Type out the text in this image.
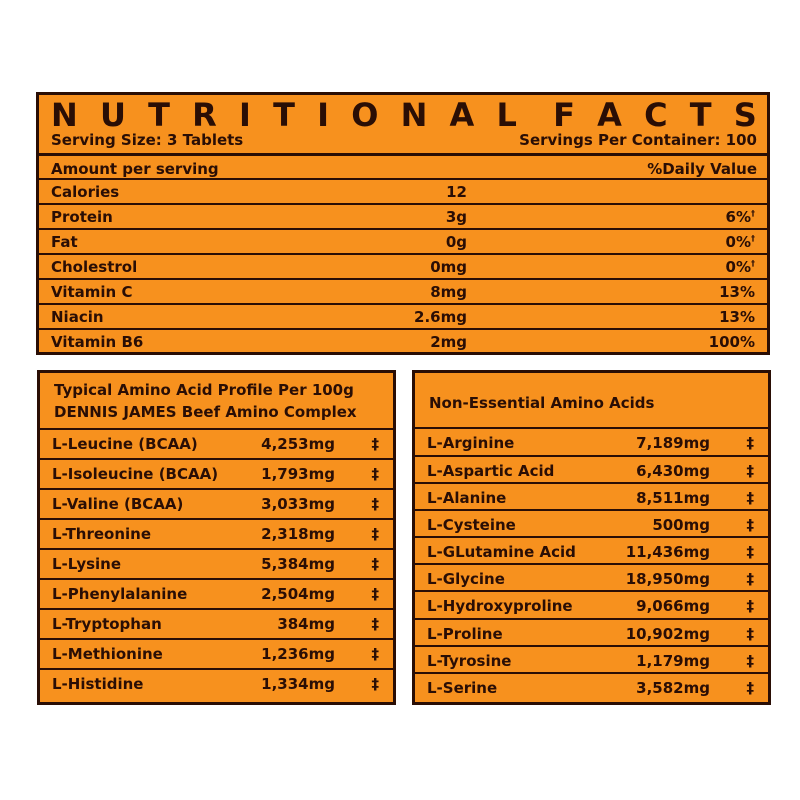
N U T R I T I O N A L F A C T S
Serving Size: 3 Tablets	Servings Per Container: 100
Amount per serving	%Daily Value
Calories	12
Protein	3g	6%†
Fat	0g	0%†
Cholestrol	0mg	0%†
Vitamin C	8mg	13%
Niacin	2.6mg	13%
Vitamin B6	2mg	100%
Typical Amino Acid Profile Per 100g
DENNIS JAMES Beef Amino Complex
L-Leucine (BCAA)	4,253mg ‡
L-Isoleucine (BCAA)	1,793mg ‡
L-Valine (BCAA)	3,033mg ‡
L-Threonine	2,318mg ‡
L-Lysine	5,384mg ‡
L-Phenylalanine	2,504mg ‡
L-Tryptophan	384mg ‡
L-Methionine	1,236mg ‡
L-Histidine	1,334mg ‡
Non-Essential Amino Acids
L-Arginine	7,189mg ‡
L-Aspartic Acid	6,430mg ‡
L-Alanine	8,511mg ‡
L-Cysteine	500mg ‡
L-GLutamine Acid	11,436mg ‡
L-Glycine	18,950mg ‡
L-Hydroxyproline	9,066mg ‡
L-Proline	10,902mg ‡
L-Tyrosine	1,179mg ‡
L-Serine	3,582mg ‡
